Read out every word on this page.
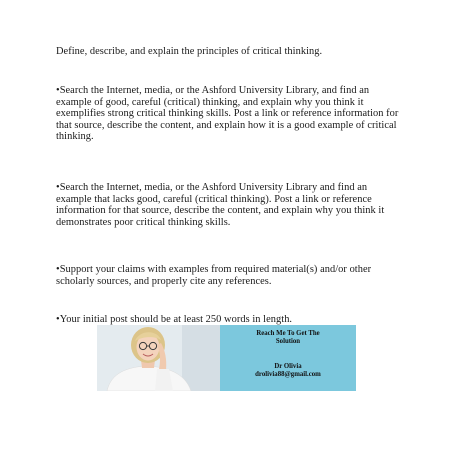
Define, describe, and explain the principles of critical thinking.

•Search the Internet, media, or the Ashford University Library, and find an example of good, careful (critical) thinking, and explain why you think it exemplifies strong critical thinking skills. Post a link or reference information for that source, describe the content, and explain how it is a good example of critical thinking.

•Search the Internet, media, or the Ashford University Library and find an example that lacks good, careful (critical thinking). Post a link or reference information for that source, describe the content, and explain why you think it demonstrates poor critical thinking skills.

•Support your claims with examples from required material(s) and/or other scholarly sources, and properly cite any references.

•Your initial post should be at least 250 words in length.

Reach Me To Get The
Solution
Dr Olivia
drolivia88@gmail.com
